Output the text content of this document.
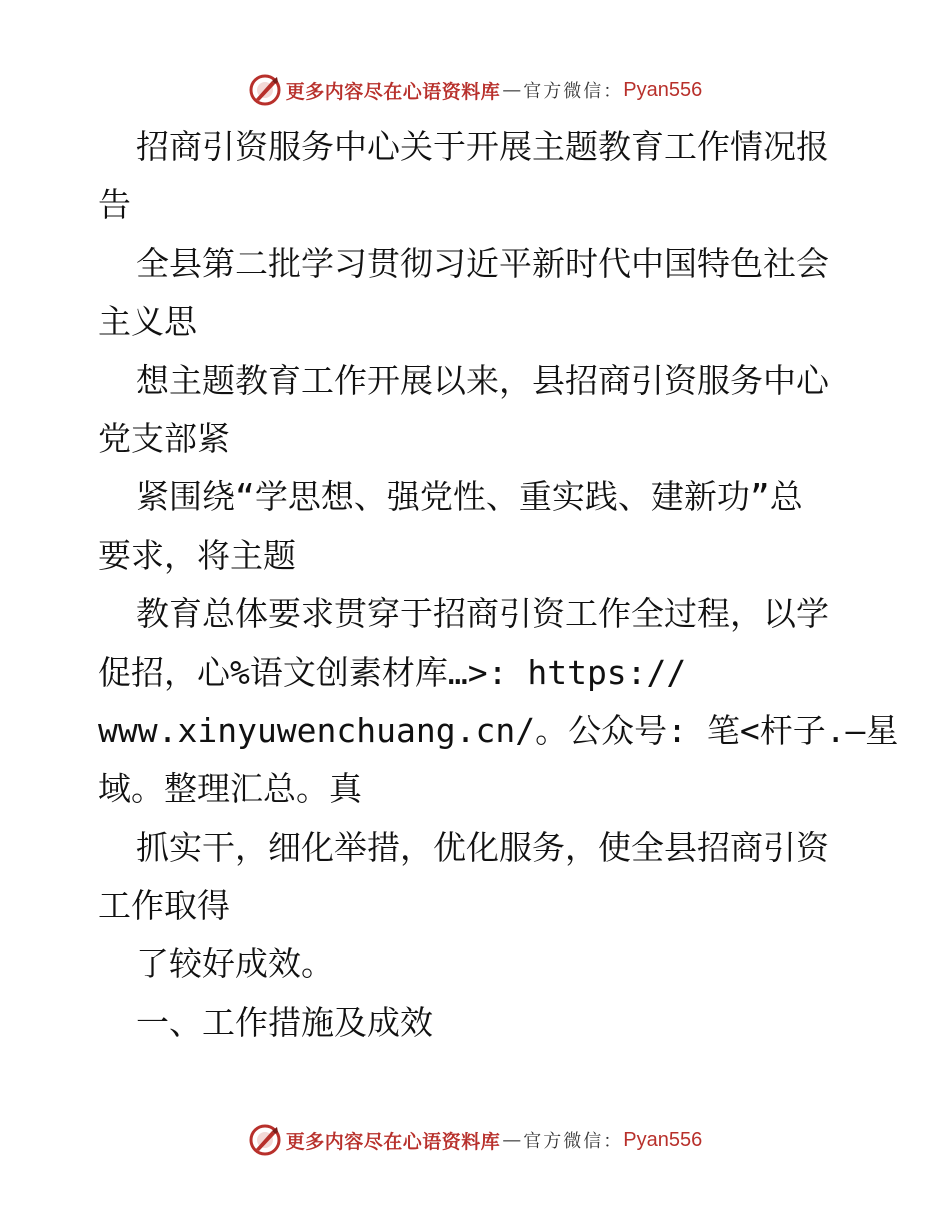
更多内容尽在心语资料库 — 官方微信： Pyan556
招商引资服务中心关于开展主题教育工作情况报
告
全县第二批学习贯彻习近平新时代中国特色社会
主义思
想主题教育工作开展以来，县招商引资服务中心
党支部紧
紧围绕“学思想、强党性、重实践、建新功”总
要求，将主题
教育总体要求贯穿于招商引资工作全过程，以学
促招，心%语文创素材库…>: https://
www.xinyuwenchuang.cn/。公众号: 笔<杆子.—星
域。整理汇总。真
抓实干，细化举措，优化服务，使全县招商引资
工作取得
了较好成效。
一、工作措施及成效
更多内容尽在心语资料库 — 官方微信： Pyan556
